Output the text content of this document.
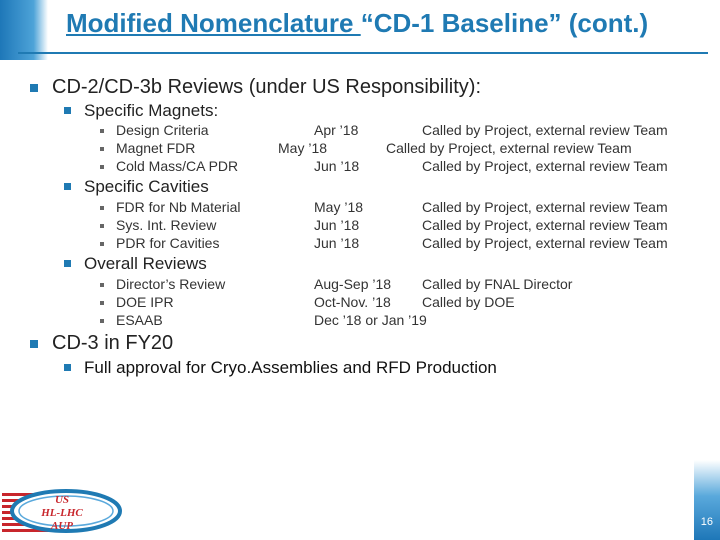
Modified Nomenclature “CD-1 Baseline” (cont.)
CD-2/CD-3b Reviews (under US Responsibility):
Specific Magnets:
Design Criteria	Apr ’18	Called by Project, external review Team
Magnet FDR	May ’18	Called by Project, external review Team
Cold Mass/CA PDR	Jun ’18	Called by Project, external review Team
Specific Cavities
FDR for Nb Material	May ’18	Called by Project, external review Team
Sys. Int. Review	Jun ’18	Called by Project, external review Team
PDR for Cavities	Jun ’18	Called by Project, external review Team
Overall Reviews
Director’s Review	Aug-Sep ’18 Called by FNAL Director
DOE IPR	Oct-Nov. ’18 Called by DOE
ESAAB	Dec ’18 or Jan ’19
CD-3 in FY20
Full approval for Cryo.Assemblies and RFD Production
US
HL-LHC
AUP	16
